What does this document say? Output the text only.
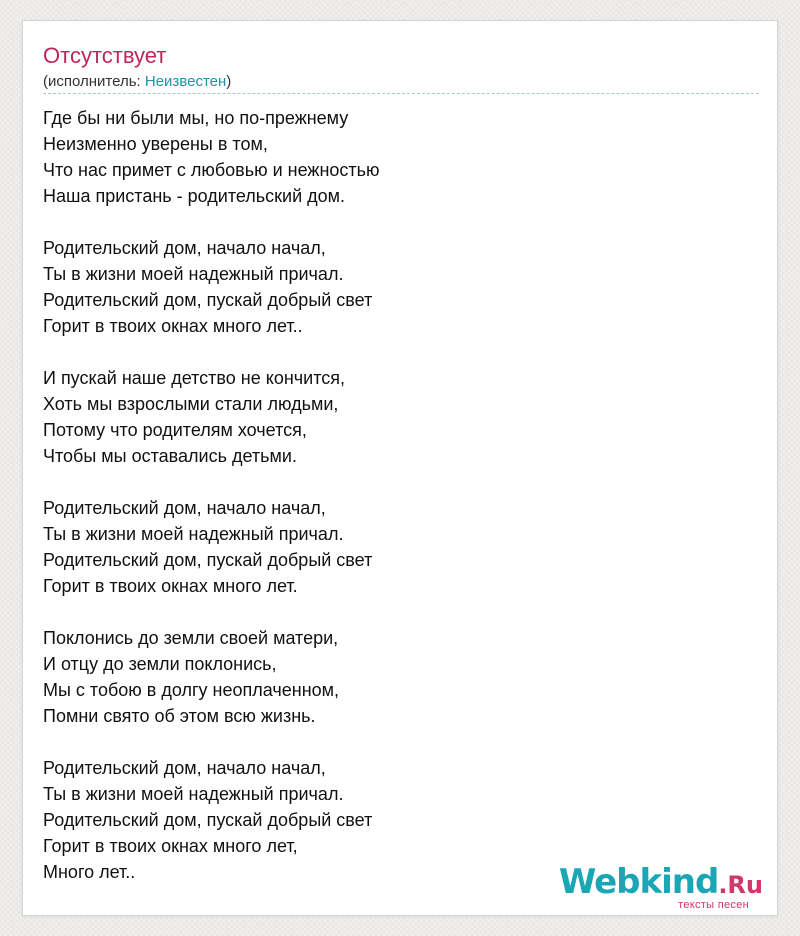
Отсутствует
(исполнитель: Неизвестен)
Где бы ни были мы, но по-прежнему
Неизменно уверены в том,
Что нас примет с любовью и нежностью
Наша пристань - родительский дом.
Родительский дом, начало начал,
Ты в жизни моей надежный причал.
Родительский дом, пускай добрый свет
Горит в твоих окнах много лет..
И пускай наше детство не кончится,
Хоть мы взрослыми стали людьми,
Потому что родителям хочется,
Чтобы мы оставались детьми.
Родительский дом, начало начал,
Ты в жизни моей надежный причал.
Родительский дом, пускай добрый свет
Горит в твоих окнах много лет.
Поклонись до земли своей матери,
И отцу до земли поклонись,
Мы с тобою в долгу неоплаченном,
Помни свято об этом всю жизнь.
Родительский дом, начало начал,
Ты в жизни моей надежный причал.
Родительский дом, пускай добрый свет
Горит в твоих окнах много лет,
Много лет..	Webkind.Ru
тексты песен
